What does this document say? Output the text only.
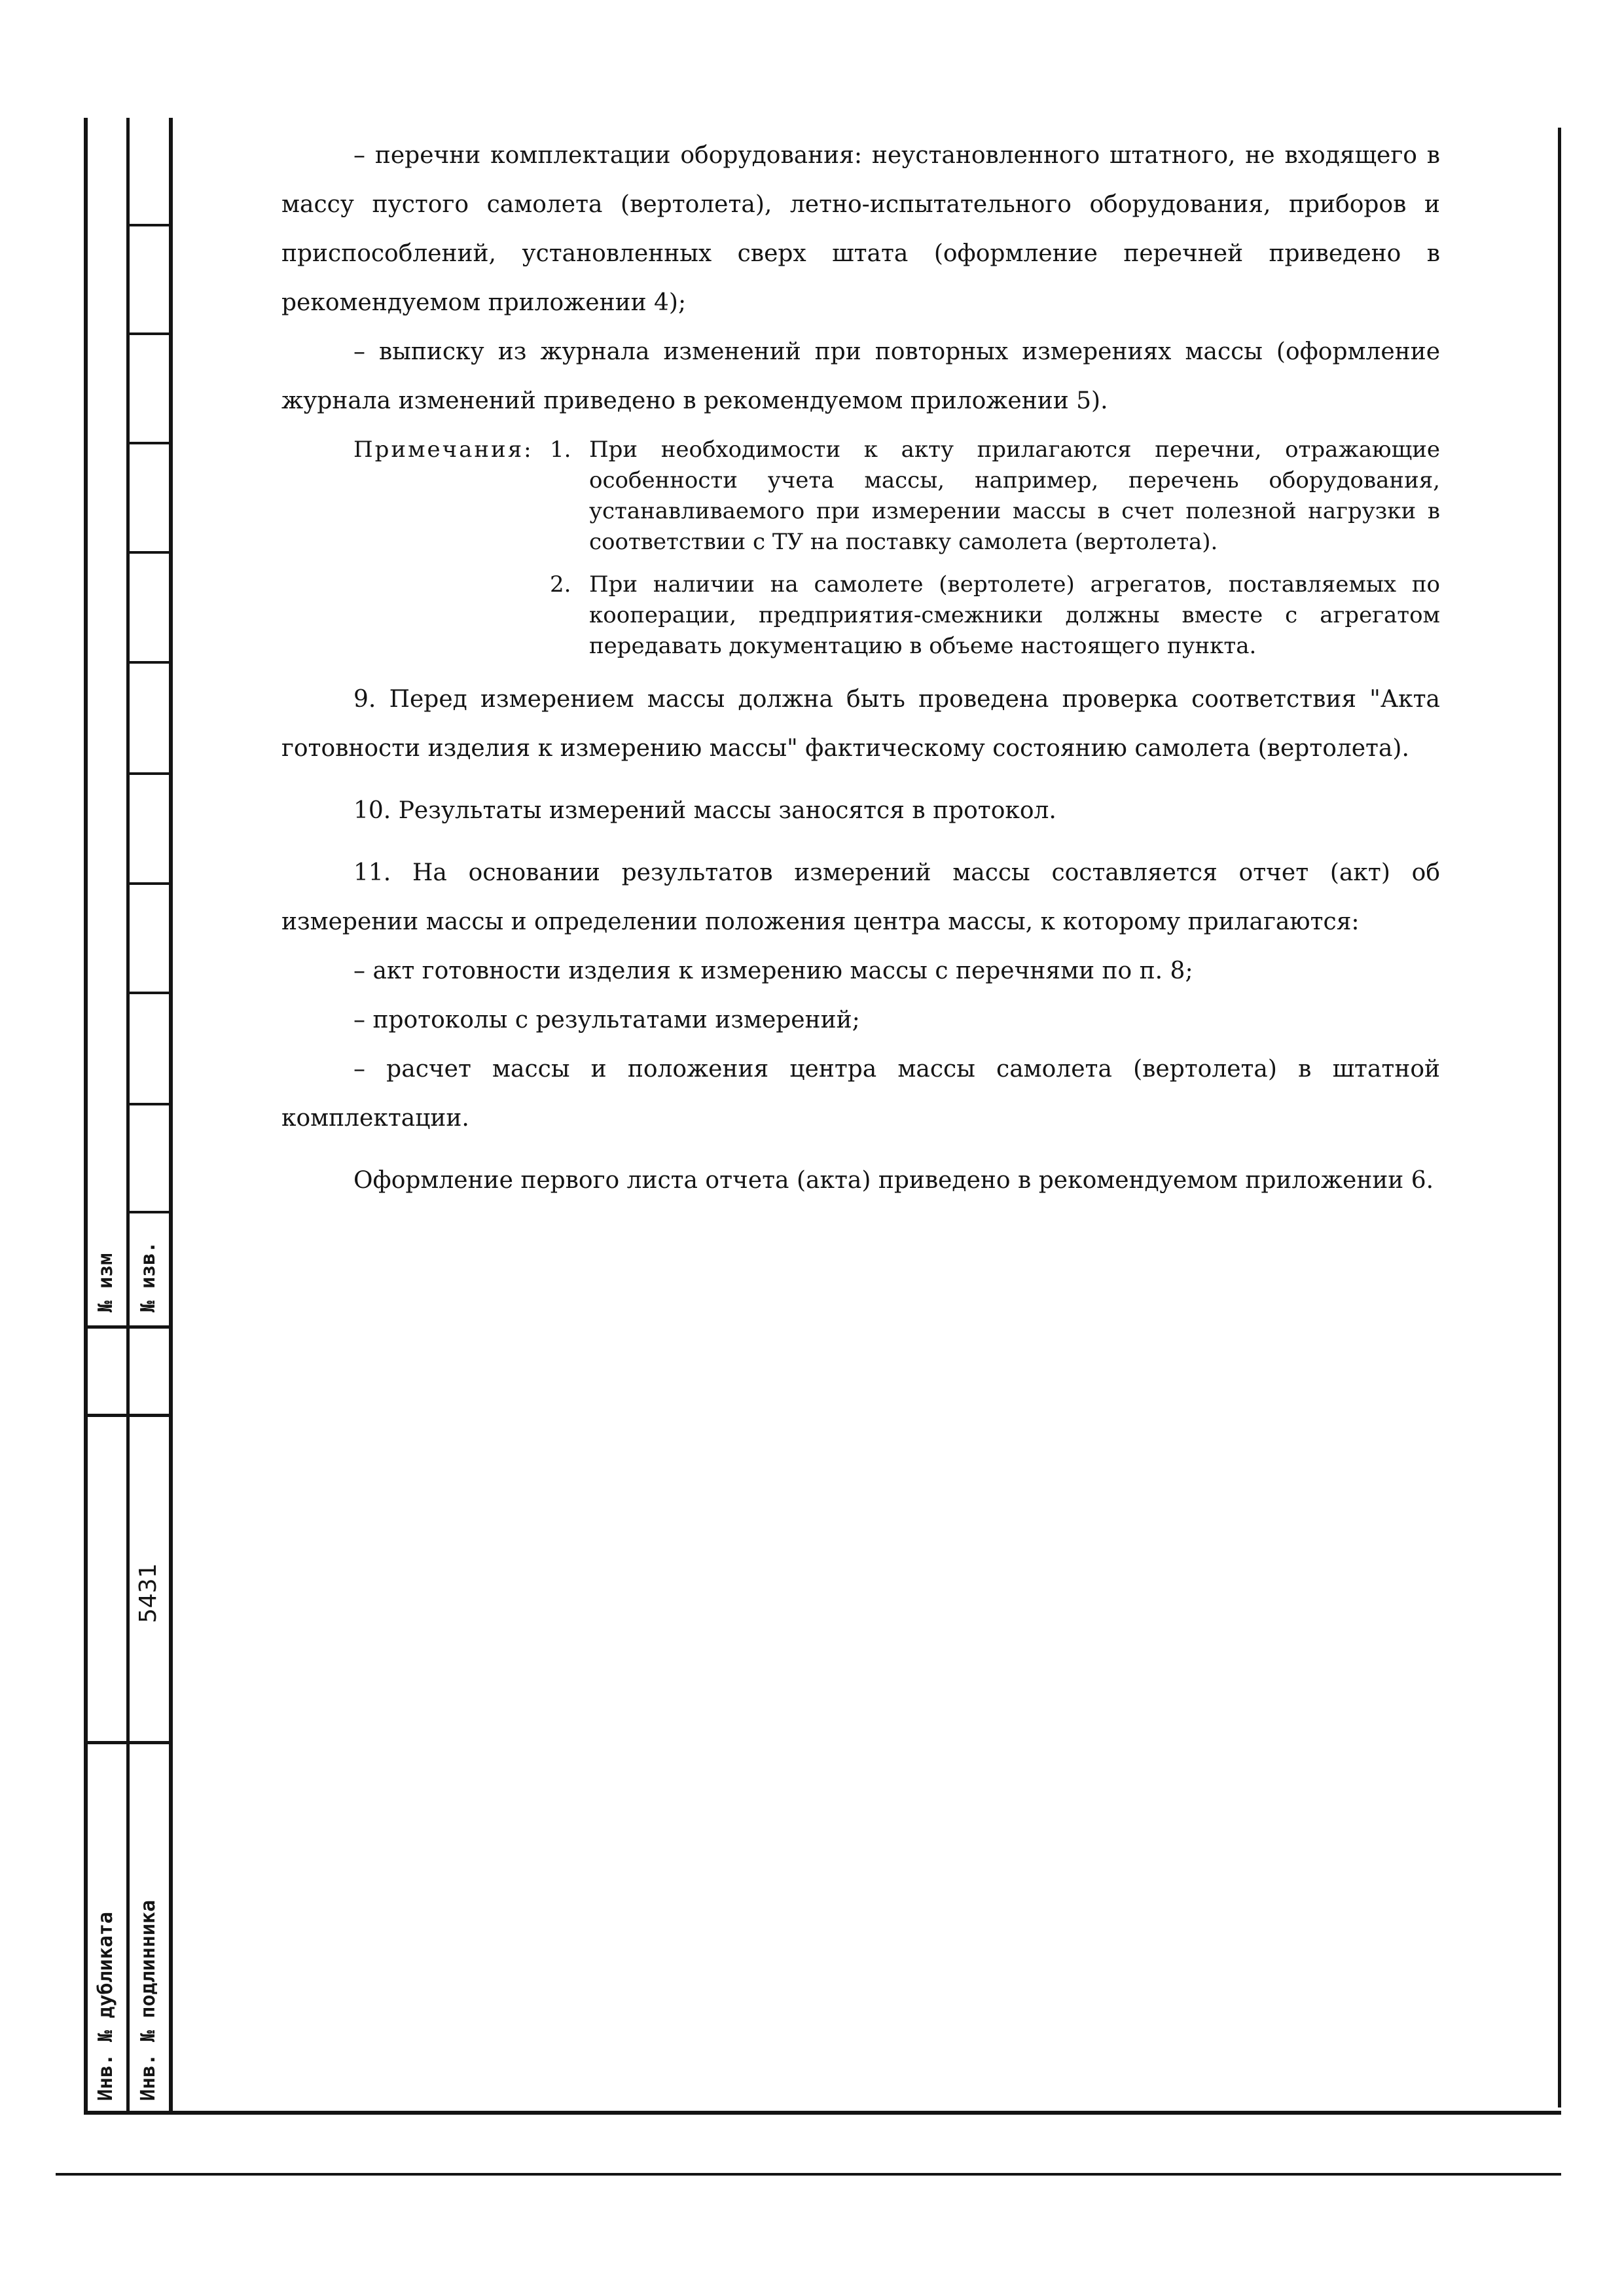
№ изм № изв.
5431
Инв. № дубликата Инв. № подлинника

– перечни комплектации оборудования: неустановленного штатного, не входящего в массу пустого самолета (вертолета), летно-испытательного оборудования, приборов и приспособлений, установленных сверх штата (оформление перечней приведено в рекомендуемом приложении 4);

– выписку из журнала изменений при повторных измерениях массы (оформление журнала изменений приведено в рекомендуемом приложении 5).

Примечания: 1. При необходимости к акту прилагаются перечни, отражающие особенности учета массы, например, перечень оборудования, устанавливаемого при измерении массы в счет полезной нагрузки в соответствии с ТУ на поставку самолета (вертолета).
2. При наличии на самолете (вертолете) агрегатов, поставляемых по кооперации, предприятия-смежники должны вместе с агрегатом передавать документацию в объеме настоящего пункта.

9. Перед измерением массы должна быть проведена проверка соответствия "Акта готовности изделия к измерению массы" фактическому состоянию самолета (вертолета).

10. Результаты измерений массы заносятся в протокол.

11. На основании результатов измерений массы составляется отчет (акт) об измерении массы и определении положения центра массы, к которому прилагаются:

– акт готовности изделия к измерению массы с перечнями по п. 8;

– протоколы с результатами измерений;

– расчет массы и положения центра массы самолета (вертолета) в штатной комплектации.

Оформление первого листа отчета (акта) приведено в рекомендуемом приложении 6.
